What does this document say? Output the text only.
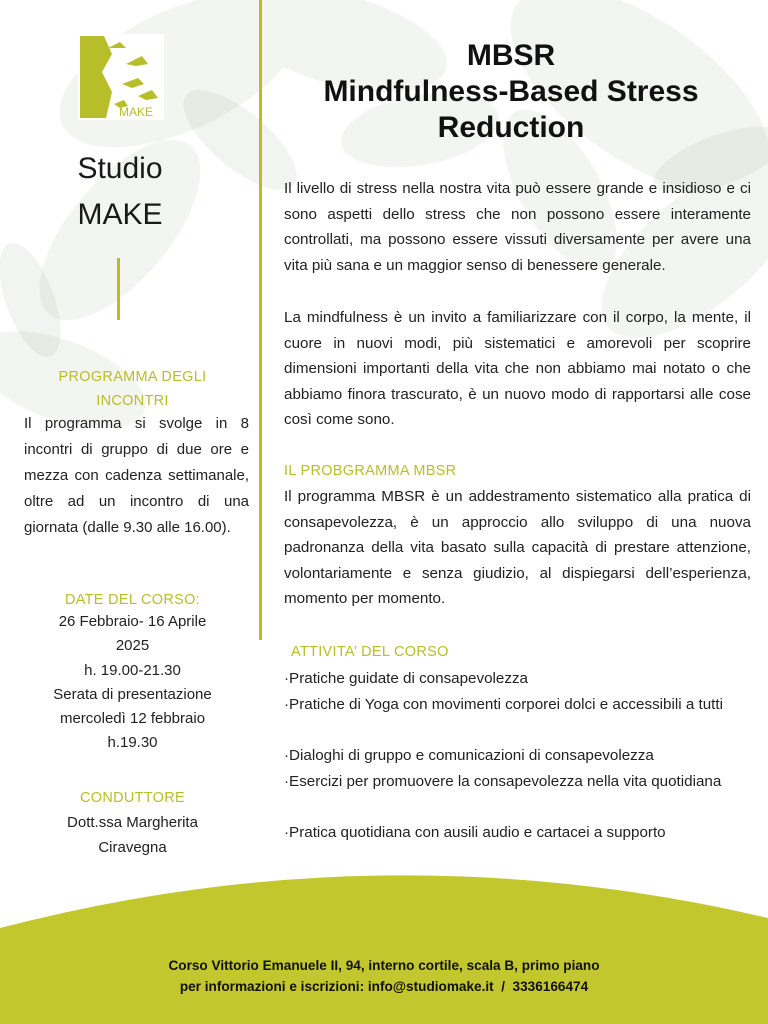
MAKE
Studio
MAKE
PROGRAMMA DEGLI
INCONTRI
Il programma si svolge in 8 incontri di gruppo di due ore e mezza con cadenza settimanale, oltre ad un incontro di una giornata (dalle 9.30 alle 16.00).
DATE DEL CORSO:
26 Febbraio- 16 Aprile
2025
h. 19.00-21.30
Serata di presentazione
mercoledì 12 febbraio
h.19.30
CONDUTTORE
Dott.ssa Margherita
Ciravegna
MBSR
Mindfulness-Based Stress
Reduction
Il livello di stress nella nostra vita può essere grande e insidioso e ci sono aspetti dello stress che non possono essere interamente controllati, ma possono essere vissuti diversamente per avere una vita più sana e un maggior senso di benessere generale.
La mindfulness è un invito a familiarizzare con il corpo, la mente, il cuore in nuovi modi, più sistematici e amorevoli per scoprire dimensioni importanti della vita che non abbiamo mai notato o che abbiamo finora trascurato, è un nuovo modo di rapportarsi alle cose così come sono.
IL PROBGRAMMA MBSR
Il programma MBSR è un addestramento sistematico alla pratica di consapevolezza, è un approccio allo sviluppo di una nuova padronanza della vita basato sulla capacità di prestare attenzione, volontariamente e senza giudizio, al dispiegarsi dell’esperienza, momento per momento.
ATTIVITA’ DEL CORSO
·Pratiche guidate di consapevolezza
·Pratiche di Yoga con movimenti corporei dolci e accessibili a tutti
·Dialoghi di gruppo e comunicazioni di consapevolezza
·Esercizi per promuovere la consapevolezza nella vita quotidiana
·Pratica quotidiana con ausili audio e cartacei a supporto
Corso Vittorio Emanuele II, 94, interno cortile, scala B, primo piano
per informazioni e iscrizioni: info@studiomake.it  /  3336166474
